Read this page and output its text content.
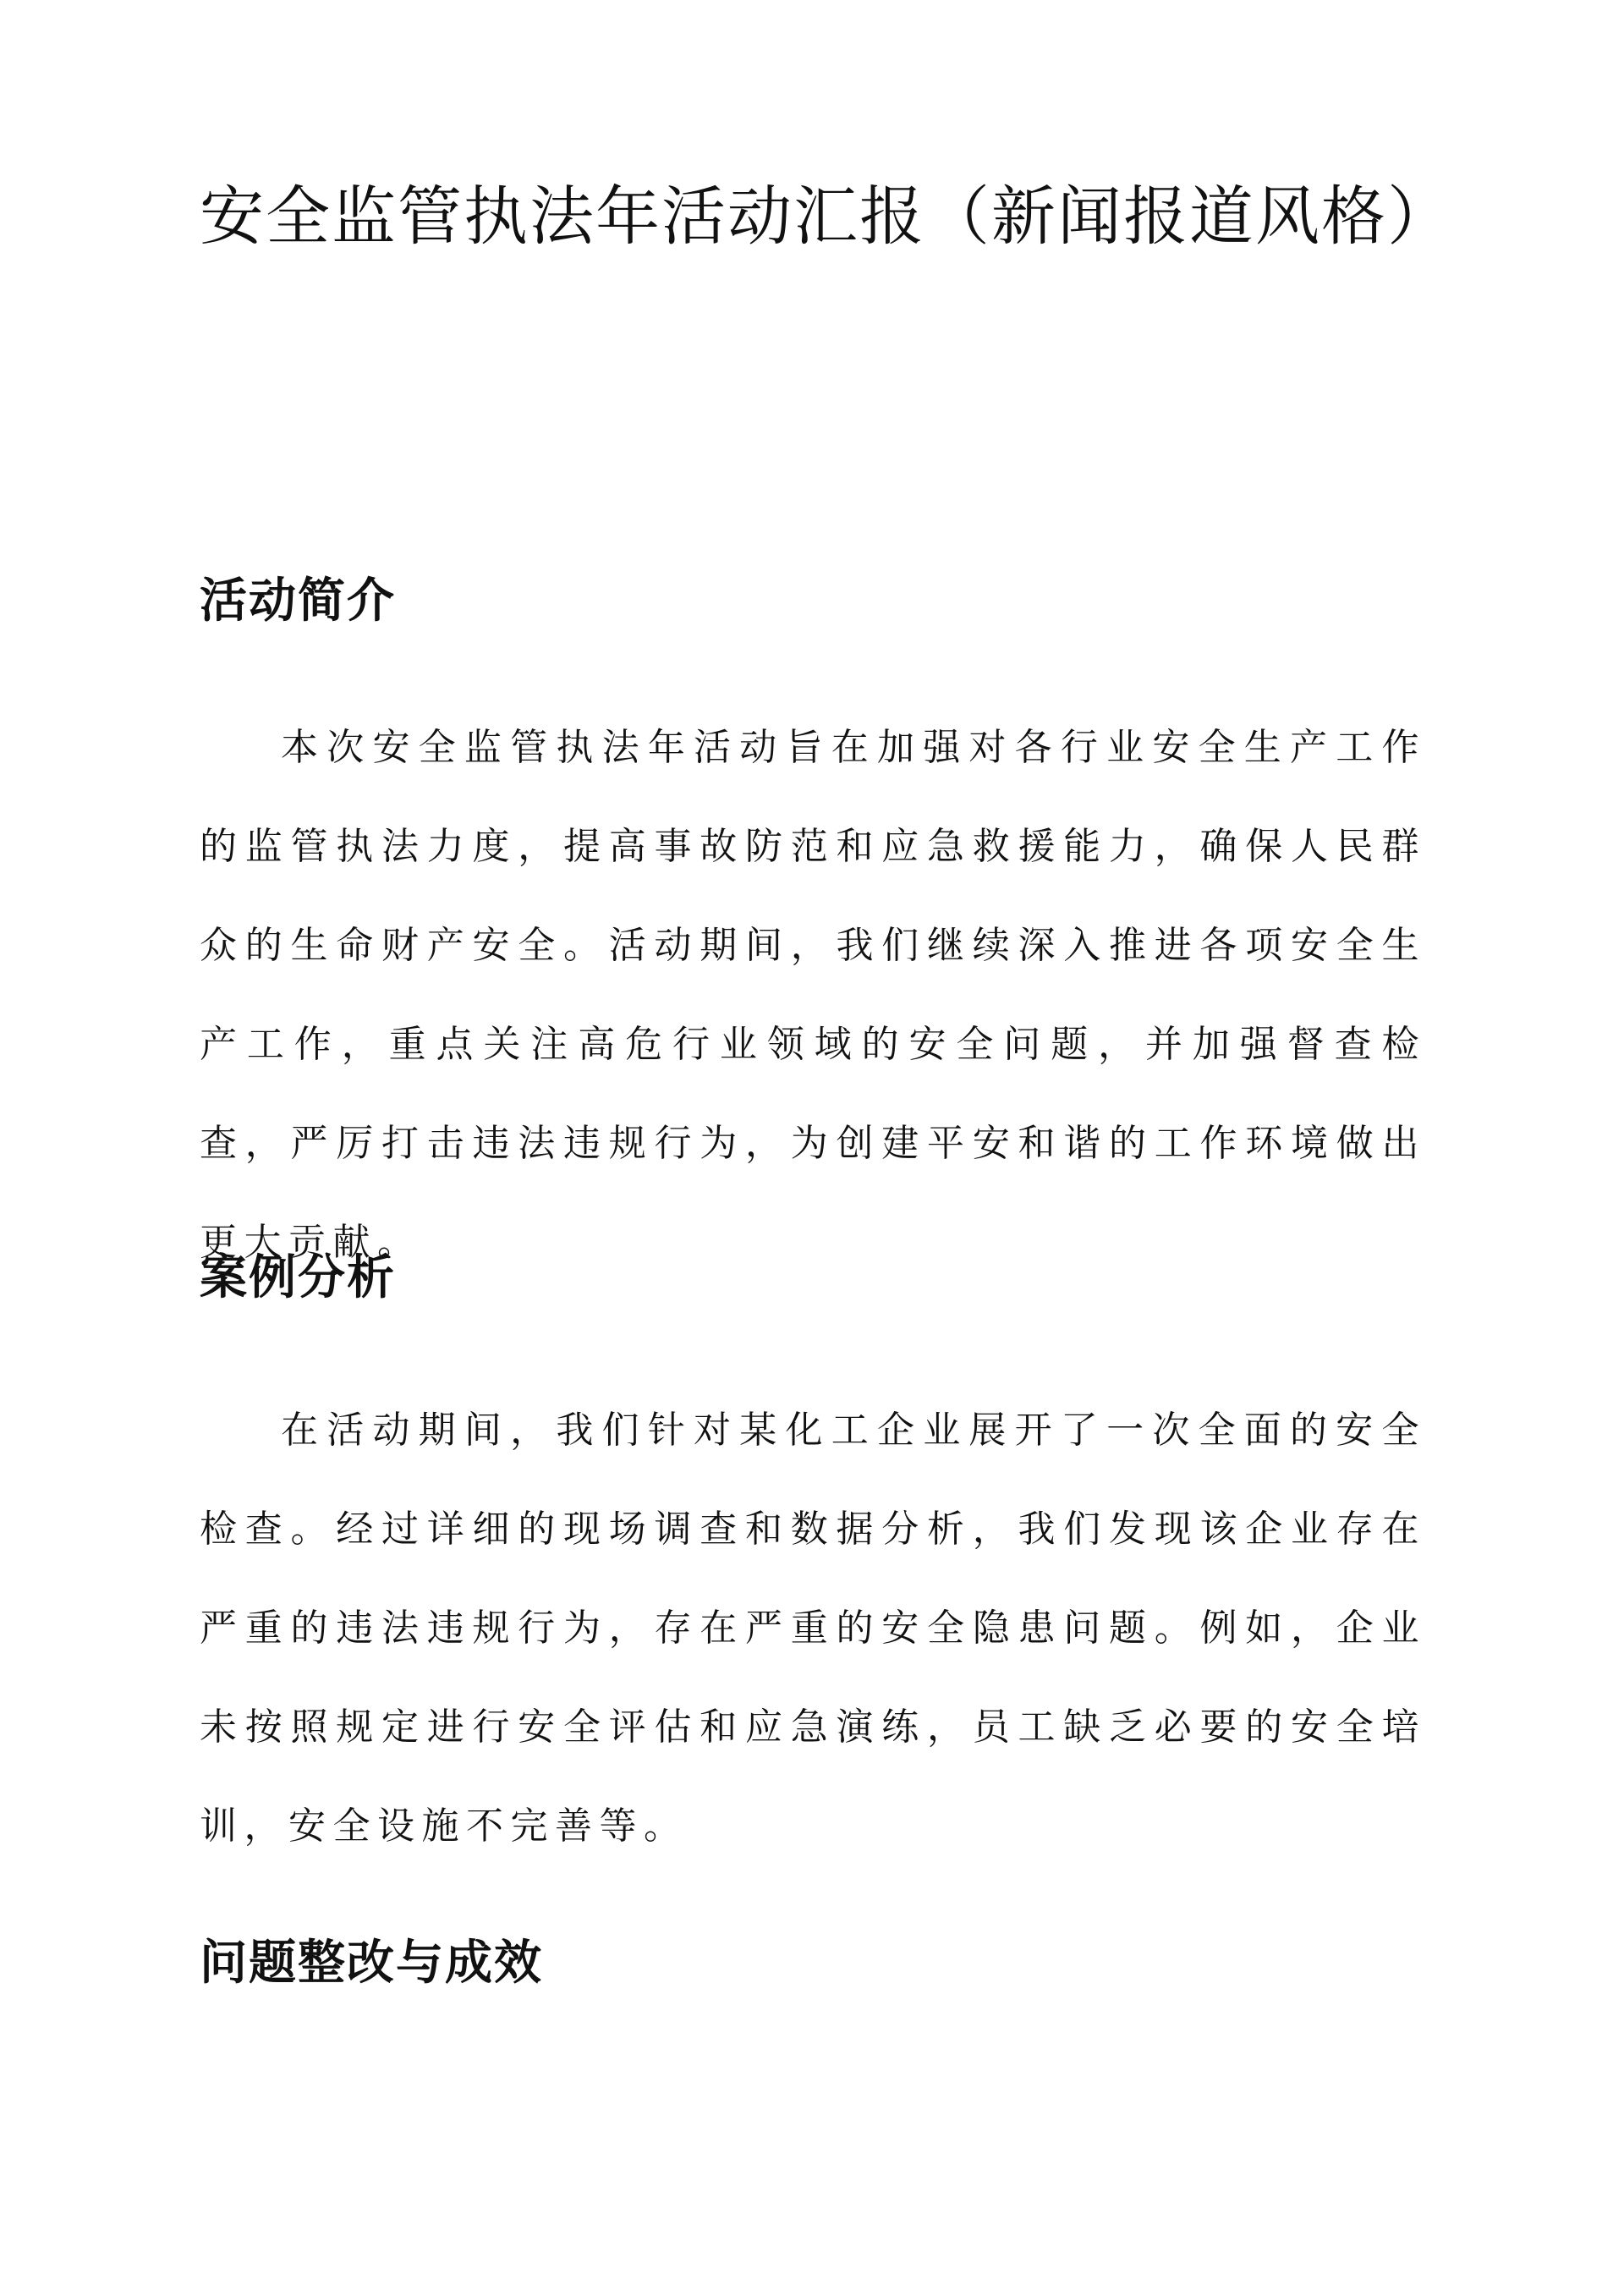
安全监管执法年活动汇报（新闻报道风格）
活动简介

本次安全监管执法年活动旨在加强对各行业安全生产工作的监管执法力度，提高事故防范和应急救援能力，确保人民群众的生命财产安全。活动期间，我们继续深入推进各项安全生产工作，重点关注高危行业领域的安全问题，并加强督查检查，严厉打击违法违规行为，为创建平安和谐的工作环境做出更大贡献。

案例分析

在活动期间，我们针对某化工企业展开了一次全面的安全检查。经过详细的现场调查和数据分析，我们发现该企业存在严重的违法违规行为，存在严重的安全隐患问题。例如，企业未按照规定进行安全评估和应急演练，员工缺乏必要的安全培训，安全设施不完善等。

问题整改与成效
